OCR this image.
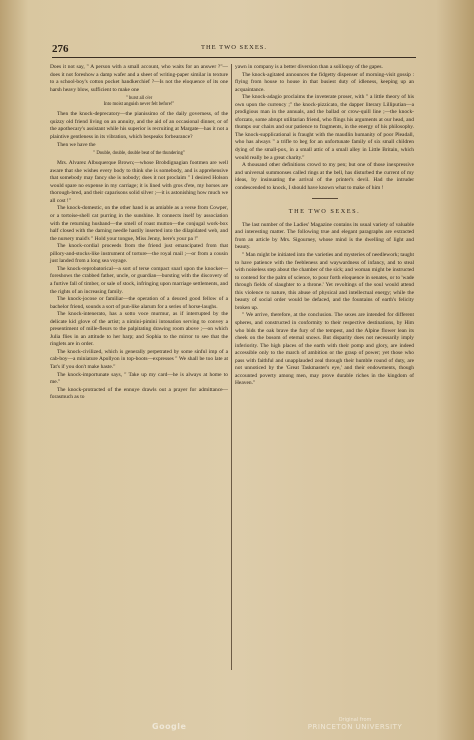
276	THE TWO SEXES.

Does it not say, " A person with a small account, who waits for an answer ?"—does it not foreshow a damp wafer and a sheet of writing-paper similar in texture to a school-boy's cotton pocket handkerchief ?—Is not the eloquence of its one harsh heavy blow, sufficient to make one

" burst all o'er
Into moist anguish never felt before!"

Then the knock-deprecatory—the pianissimo of the daily governess, of the quizzy old friend living on an annuity, and the aid of an occasional dinner, or of the apothecary's assistant while his superior is recruiting at Margate—has it not a plaintive gentleness in its vibration, which bespeaks forbearance?

Then we have the

" Double, double, double beat of the thundering"

Mrs. Alvarez Albuquerque Brown;—whose Brobdignagian footmen are well aware that she wishes every body to think she is somebody, and is apprehensive that somebody may fancy she is nobody; does it not proclaim " I desired Holson would spare no expense in my carriage; it is lined with gros d'ete, my horses are thorough-bred, and their caparisons solid silver ;—it is astonishing how much we all cost !"

The knock-domestic, on the other hand is as amiable as a verse from Cowper, or a tortoise-shell cat purring in the sunshine. It connects itself by association with the returning husband—the smell of roast mutton—the conjugal work-box half closed with the darning needle hastily inserted into the dilapidated web, and the nursery maid's " Hold your tongue, Miss Jenny, here's your pa !"

The knock-cordial proceeds from the friend just emancipated from that pillory-and-stocks-like instrument of torture—the royal mail ;—or from a cousin just landed from a long sea voyage.

The knock-reprobatorical—a sort of terse compact snarl upon the knocker—foreshows the crabbed father, uncle, or guardian—bursting with the discovery of a furtive fall of timber, or sale of stock, infringing upon marriage settlements, and the rights of an increasing family.

The knock-jocose or familiar—the operation of a deuced good fellow of a bachelor friend, sounds a sort of pun-like alarum for a series of horse-laughs.

The knock-intenerato, has a sotto voce murmur, as if interrupted by the delicate kid glove of the artist; a nimini-pimini intonation serving to convey a presentiment of mille-fleurs to the palpitating drawing room above ;—on which Julia flies in an attitude to her harp; and Sophia to the mirror to see that the ringlets are in order.

The knock-civilized, which is generally perpetrated by some sinful imp of a cab-boy—a miniature Apollyon in top-boots—expresses " We shall be too late at Tat's if you don't make haste."

The knock-importunate says, " Take up my card—he is always at home to me."

The knock-protracted of the ennuye drawls out a prayer for admittance—forasmuch as to

yawn in company is a better diversion than a soliloquy of the gapes.

The knock-agitated announces the fidgetty dispenser of morning-visit gossip : flying from house to house in that busiest duty of idleness, keeping up an acquaintance.

The knock-adagio proclaims the inveterate proser, with " a little theory of his own upon the currency ;" the knock-pizzicato, the dapper literary Lilliputian—a prodigious man in the annuals, and the ballad or crow-quill line ;—the knock-sforzato, some abrupt utilitarian friend, who flings his arguments at our head, and thumps our chairs and our patience to fragments, in the energy of his philosophy. The knock-supplicational is fraught with the maudlin humanity of poor Pleadall, who has always " a trifle to beg for an unfortunate family of six small children dying of the small-pox, in a small attic of a small alley in Little Britain, which would really be a great charity."

A thousand other definitions crowd to my pen; but one of those inexpressive and universal summonses called rings at the bell, has disturbed the current of my ideas, by insinuating the arrival of the printer's devil. Had the intruder condescended to knock, I should have known what to make of him !

THE TWO SEXES.

The last number of the Ladies' Magazine contains its usual variety of valuable and interesting matter. The following true and elegant paragraphs are extracted from an article by Mrs. Sigourney, whose mind is the dwelling of light and beauty.

" Man might be initiated into the varieties and mysteries of needlework; taught to have patience with the feebleness and waywardness of infancy, and to steal with noiseless step about the chamber of the sick; and woman might be instructed to contend for the palm of science, to pour forth eloquence in senates, or to 'wade through fields of slaughter to a throne.' Yet revoltings of the soul would attend this violence to nature, this abuse of physical and intellectual energy; while the beauty of social order would be defaced, and the fountains of earth's felicity broken up.

" We arrive, therefore, at the conclusion. The sexes are intended for different spheres, and constructed in conformity to their respective destinations, by Him who bids the oak brave the fury of the tempest, and the Alpine flower lean its cheek on the bosom of eternal snows. But disparity does not necessarily imply inferiority. The high places of the earth with their pomp and glory, are indeed accessible only to the march of ambition or the grasp of power; yet those who pass with faithful and unapplauded zeal through their humble round of duty, are not unnoticed by the 'Great Taskmaster's eye,' and their endowments, though accounted poverty among men, may prove durable riches in the kingdom of Heaven."

Google
Original from
PRINCETON UNIVERSITY
